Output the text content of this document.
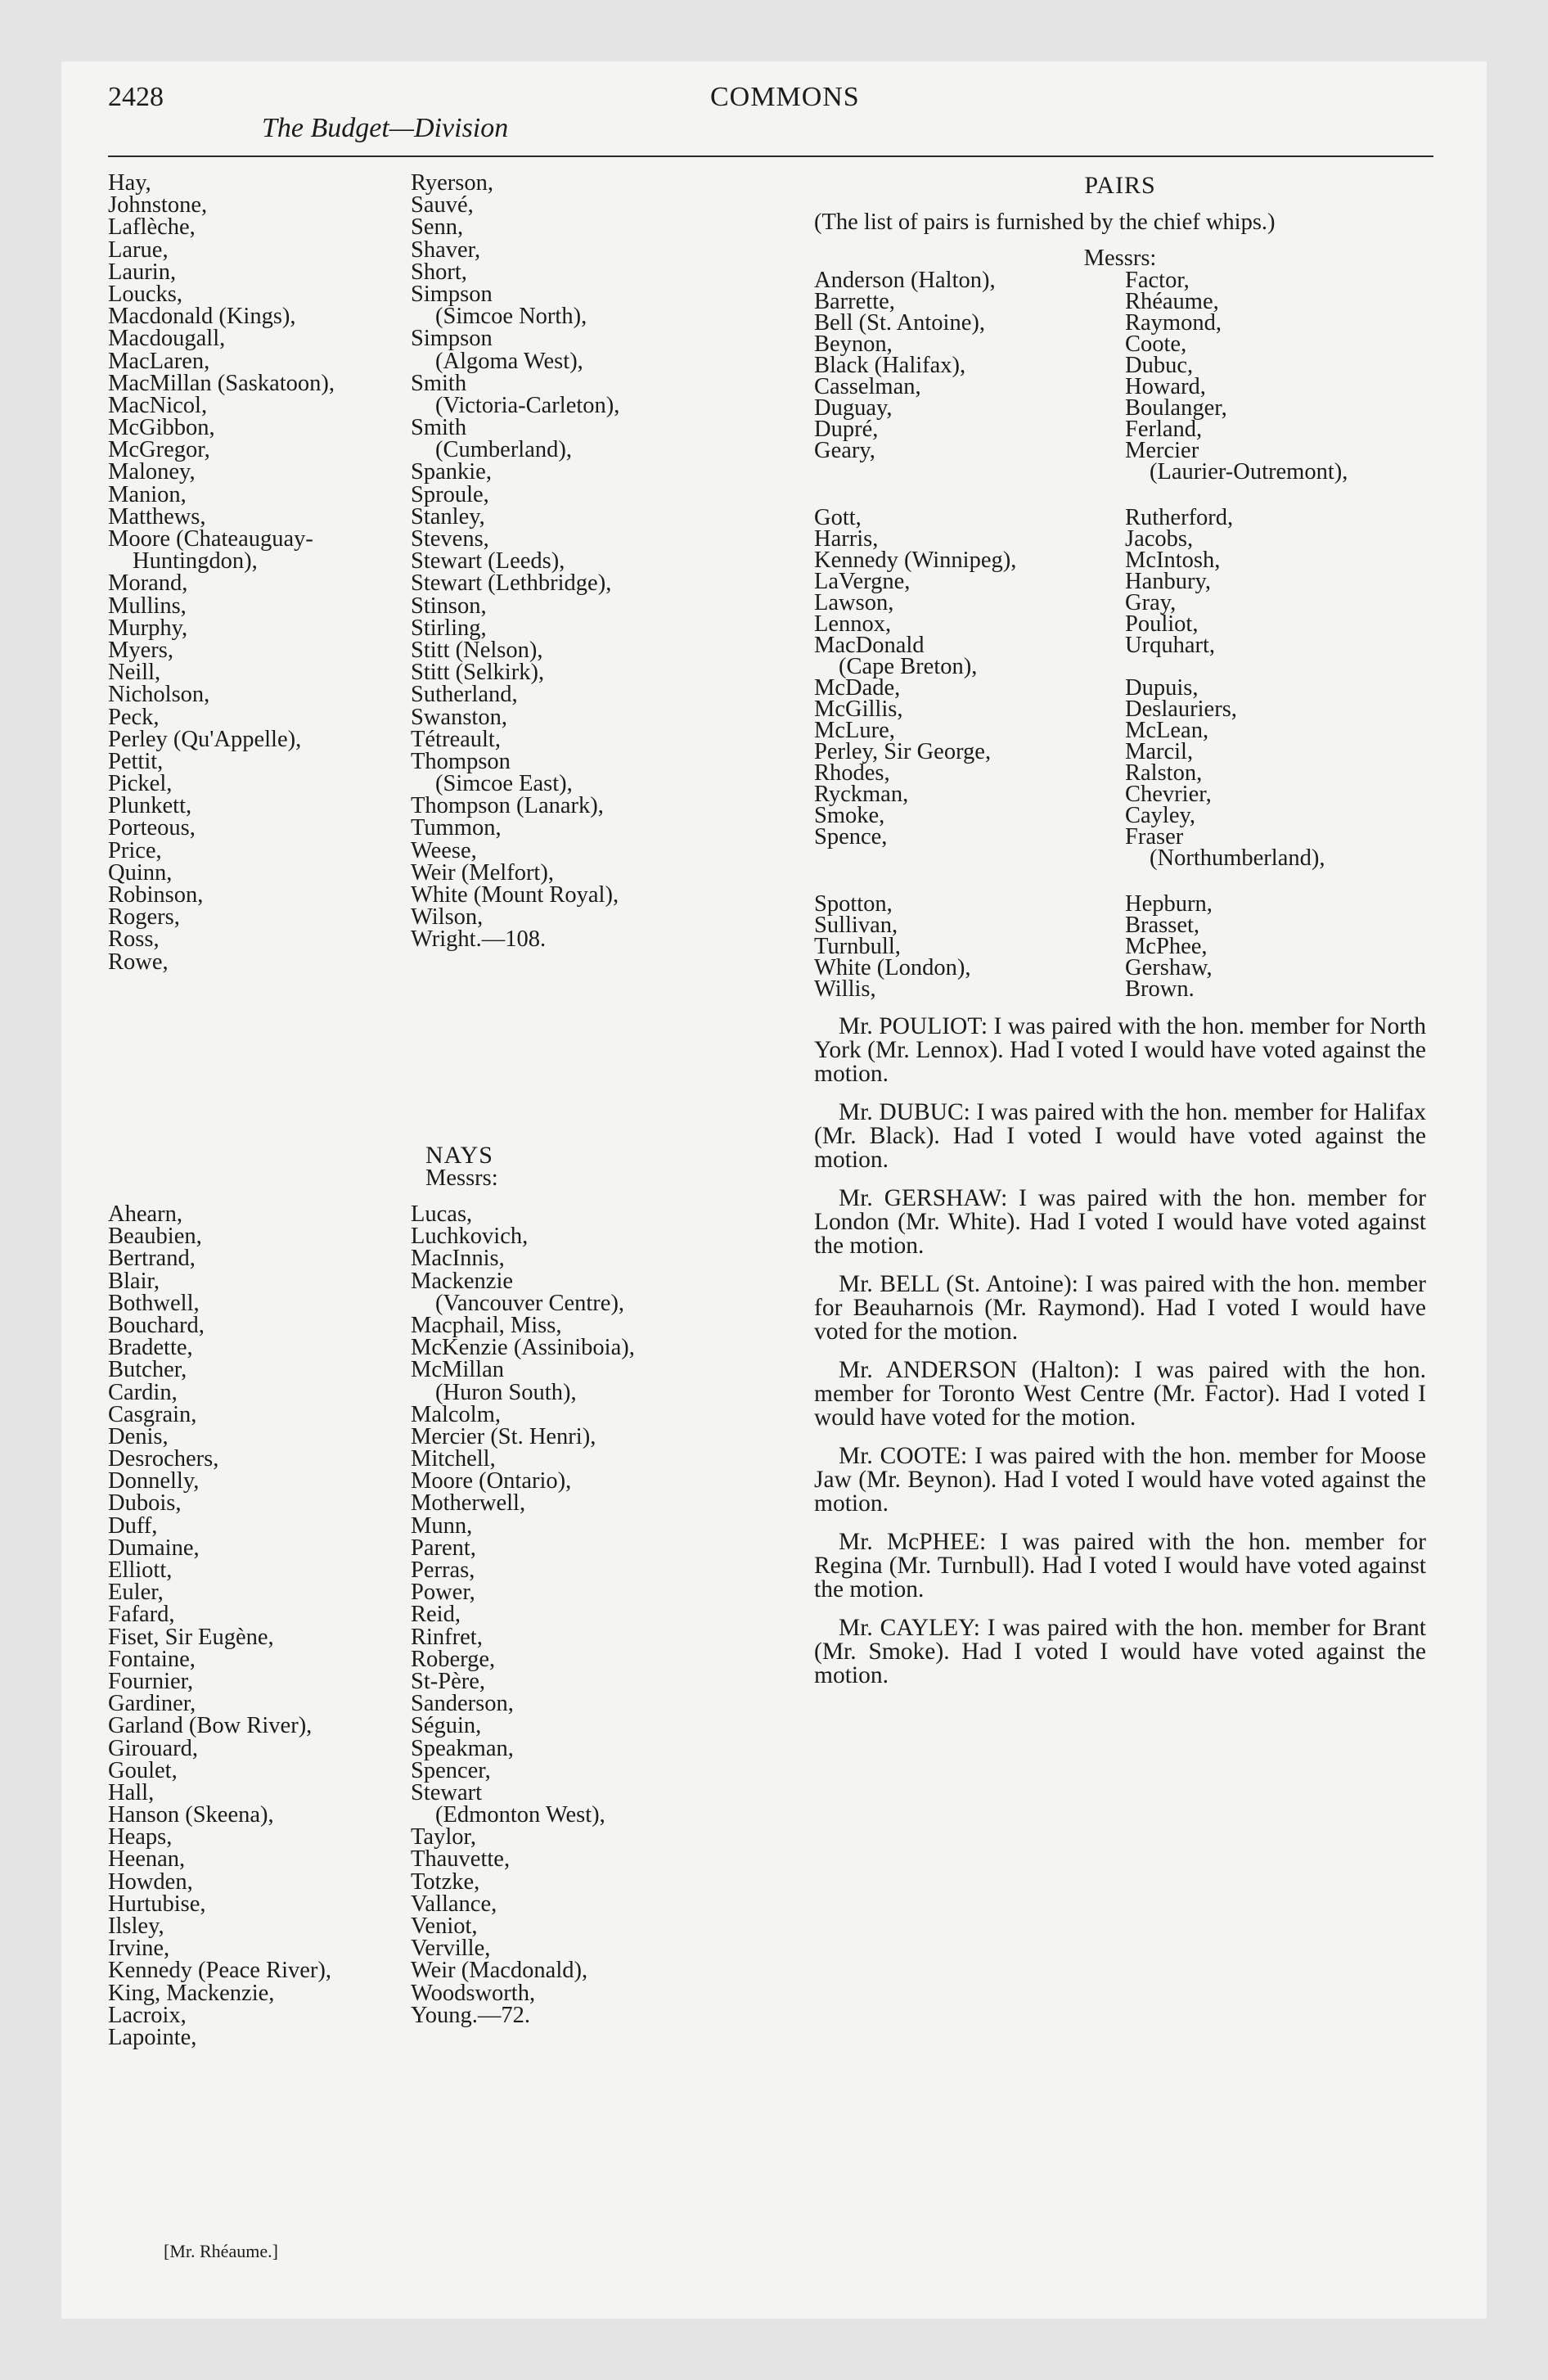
2428
The Budget—Division
COMMONS
Hay,
Johnstone,
Laflèche,
Larue,
Laurin,
Loucks,
Macdonald (Kings),
Macdougall,
MacLaren,
MacMillan (Saskatoon),
MacNicol,
McGibbon,
McGregor,
Maloney,
Manion,
Matthews,
Moore (Chateauguay-
Huntingdon),
Morand,
Mullins,
Murphy,
Myers,
Neill,
Nicholson,
Peck,
Perley (Qu'Appelle),
Pettit,
Pickel,
Plunkett,
Porteous,
Price,
Quinn,
Robinson,
Rogers,
Ross,
Rowe,
Ryerson,
Sauvé,
Senn,
Shaver,
Short,
Simpson
(Simcoe North),
Simpson
(Algoma West),
Smith
(Victoria-Carleton),
Smith
(Cumberland),
Spankie,
Sproule,
Stanley,
Stevens,
Stewart (Leeds),
Stewart (Lethbridge),
Stinson,
Stirling,
Stitt (Nelson),
Stitt (Selkirk),
Sutherland,
Swanston,
Tétreault,
Thompson
(Simcoe East),
Thompson (Lanark),
Tummon,
Weese,
Weir (Melfort),
White (Mount Royal),
Wilson,
Wright.—108.
NAYS
Messrs:
Ahearn,
Beaubien,
Bertrand,
Blair,
Bothwell,
Bouchard,
Bradette,
Butcher,
Cardin,
Casgrain,
Denis,
Desrochers,
Donnelly,
Dubois,
Duff,
Dumaine,
Elliott,
Euler,
Fafard,
Fiset, Sir Eugène,
Fontaine,
Fournier,
Gardiner,
Garland (Bow River),
Girouard,
Goulet,
Hall,
Hanson (Skeena),
Heaps,
Heenan,
Howden,
Hurtubise,
Ilsley,
Irvine,
Kennedy (Peace River),
King, Mackenzie,
Lacroix,
Lapointe,
Lucas,
Luchkovich,
MacInnis,
Mackenzie
(Vancouver Centre),
Macphail, Miss,
McKenzie (Assiniboia),
McMillan
(Huron South),
Malcolm,
Mercier (St. Henri),
Mitchell,
Moore (Ontario),
Motherwell,
Munn,
Parent,
Perras,
Power,
Reid,
Rinfret,
Roberge,
St-Père,
Sanderson,
Séguin,
Speakman,
Spencer,
Stewart
(Edmonton West),
Taylor,
Thauvette,
Totzke,
Vallance,
Veniot,
Verville,
Weir (Macdonald),
Woodsworth,
Young.—72.
PAIRS
(The list of pairs is furnished by the chief whips.)
Messrs:
Anderson (Halton),	Factor,
Barrette,	Rhéaume,
Bell (St. Antoine),	Raymond,
Beynon,	Coote,
Black (Halifax),	Dubuc,
Casselman,	Howard,
Duguay,	Boulanger,
Dupré,	Ferland,
Geary,	Mercier
(Laurier-Outremont),
Gott,	Rutherford,
Harris,	Jacobs,
Kennedy (Winnipeg),	McIntosh,
LaVergne,	Hanbury,
Lawson,	Gray,
Lennox,	Pouliot,
MacDonald	Urquhart,
(Cape Breton),
McDade,	Dupuis,
McGillis,	Deslauriers,
McLure,	McLean,
Perley, Sir George,	Marcil,
Rhodes,	Ralston,
Ryckman,	Chevrier,
Smoke,	Cayley,
Spence,	Fraser
(Northumberland),
Spotton,	Hepburn,
Sullivan,	Brasset,
Turnbull,	McPhee,
White (London),	Gershaw,
Willis,	Brown.
Mr. POULIOT: I was paired with the hon. member for North York (Mr. Lennox). Had I voted I would have voted against the motion.
Mr. DUBUC: I was paired with the hon. member for Halifax (Mr. Black). Had I voted I would have voted against the motion.
Mr. GERSHAW: I was paired with the hon. member for London (Mr. White). Had I voted I would have voted against the motion.
Mr. BELL (St. Antoine): I was paired with the hon. member for Beauharnois (Mr. Raymond). Had I voted I would have voted for the motion.
Mr. ANDERSON (Halton): I was paired with the hon. member for Toronto West Centre (Mr. Factor). Had I voted I would have voted for the motion.
Mr. COOTE: I was paired with the hon. member for Moose Jaw (Mr. Beynon). Had I voted I would have voted against the motion.
Mr. McPHEE: I was paired with the hon. member for Regina (Mr. Turnbull). Had I voted I would have voted against the motion.
Mr. CAYLEY: I was paired with the hon. member for Brant (Mr. Smoke). Had I voted I would have voted against the motion.
[Mr. Rhéaume.]
